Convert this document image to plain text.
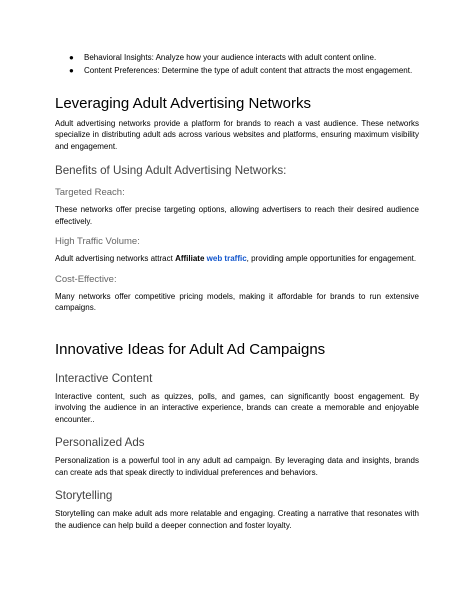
● Behavioral Insights: Analyze how your audience interacts with adult content online.
● Content Preferences: Determine the type of adult content that attracts the most engagement.
Leveraging Adult Advertising Networks

Adult advertising networks provide a platform for brands to reach a vast audience. These networks specialize in distributing adult ads across various websites and platforms, ensuring maximum visibility and engagement.

Benefits of Using Adult Advertising Networks:
Targeted Reach:

These networks offer precise targeting options, allowing advertisers to reach their desired audience effectively.

High Traffic Volume:

Adult advertising networks attract Affiliate web traffic, providing ample opportunities for engagement.

Cost-Effective:

Many networks offer competitive pricing models, making it affordable for brands to run extensive campaigns.

Innovative Ideas for Adult Ad Campaigns
Interactive Content

Interactive content, such as quizzes, polls, and games, can significantly boost engagement. By involving the audience in an interactive experience, brands can create a memorable and enjoyable encounter..

Personalized Ads

Personalization is a powerful tool in any adult ad campaign. By leveraging data and insights, brands can create ads that speak directly to individual preferences and behaviors.

Storytelling

Storytelling can make adult ads more relatable and engaging. Creating a narrative that resonates with the audience can help build a deeper connection and foster loyalty.
